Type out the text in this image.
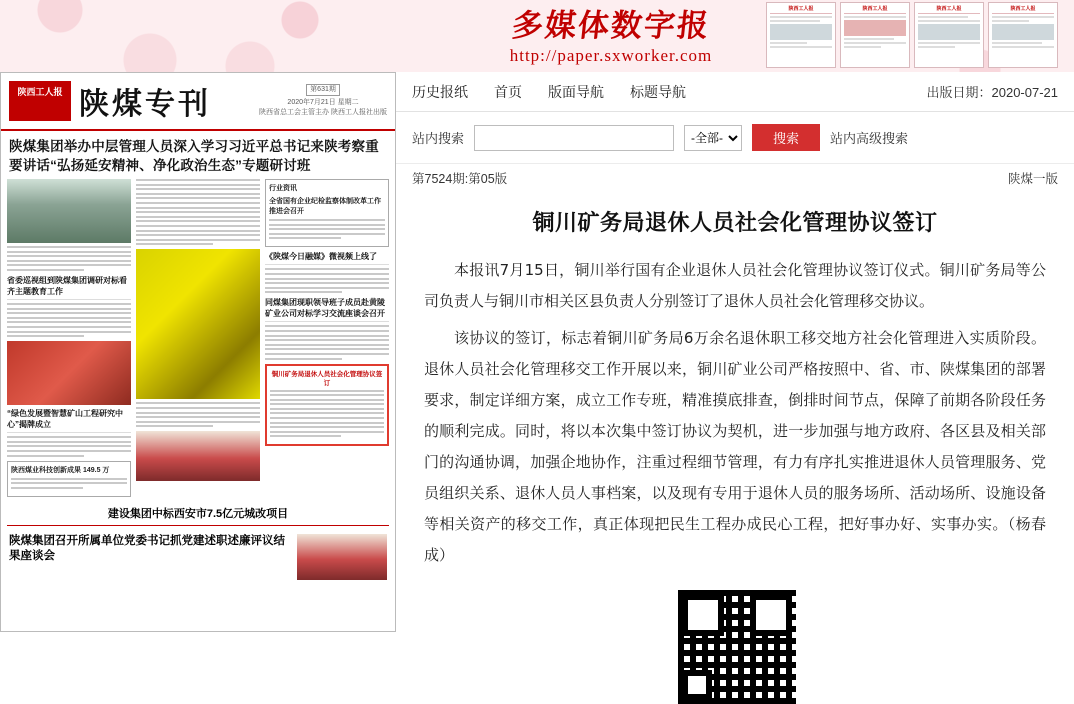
多媒体数字报
http://paper.sxworker.com
陕西工人报	陕西工人报	陕西工人报	陕西工人报
陕西工人报 陕煤专刊	第631期
2020年7月21日 星期二
陕西省总工会主管主办 陕西工人报社出版
陕煤集团举办中层管理人员深入学习习近平总书记来陕考察重要讲话“弘扬延安精神、净化政治生态”专题研讨班
省委巡视组到陕煤集团调研对标看齐主题教育工作
“绿色发展暨智慧矿山工程研究中心”揭牌成立
陕西煤业科技创新成果 149.5 万
行业资讯
全省国有企业纪检监察体制改革工作推进会召开
《陕煤今日融媒》微视频上线了
同煤集团现职领导班子成员赴黄陵矿业公司对标学习交流座谈会召开
铜川矿务局退休人员社会化管理协议签订
建设集团中标西安市7.5亿元城改项目
陕煤集团召开所属单位党委书记抓党建述职述廉评议结果座谈会
历史报纸 首页 版面导航 标题导航	出版日期：2020-07-21
站内搜索
-全部-	搜索	站内高级搜索
第7524期:第05版	陕煤一版
铜川矿务局退休人员社会化管理协议签订

本报讯7月15日，铜川举行国有企业退休人员社会化管理协议签订仪式。铜川矿务局等公司负责人与铜川市相关区县负责人分别签订了退休人员社会化管理移交协议。

该协议的签订，标志着铜川矿务局6万余名退休职工移交地方社会化管理进入实质阶段。退休人员社会化管理移交工作开展以来，铜川矿业公司严格按照中、省、市、陕煤集团的部署要求，制定详细方案，成立工作专班，精准摸底排查，倒排时间节点，保障了前期各阶段任务的顺利完成。同时，将以本次集中签订协议为契机，进一步加强与地方政府、各区县及相关部门的沟通协调，加强企地协作，注重过程细节管理，有力有序扎实推进退休人员管理服务、党员组织关系、退休人员人事档案，以及现有专用于退休人员的服务场所、活动场所、设施设备等相关资产的移交工作，真正体现把民生工程办成民心工程，把好事办好、实事办实。（杨春成）
